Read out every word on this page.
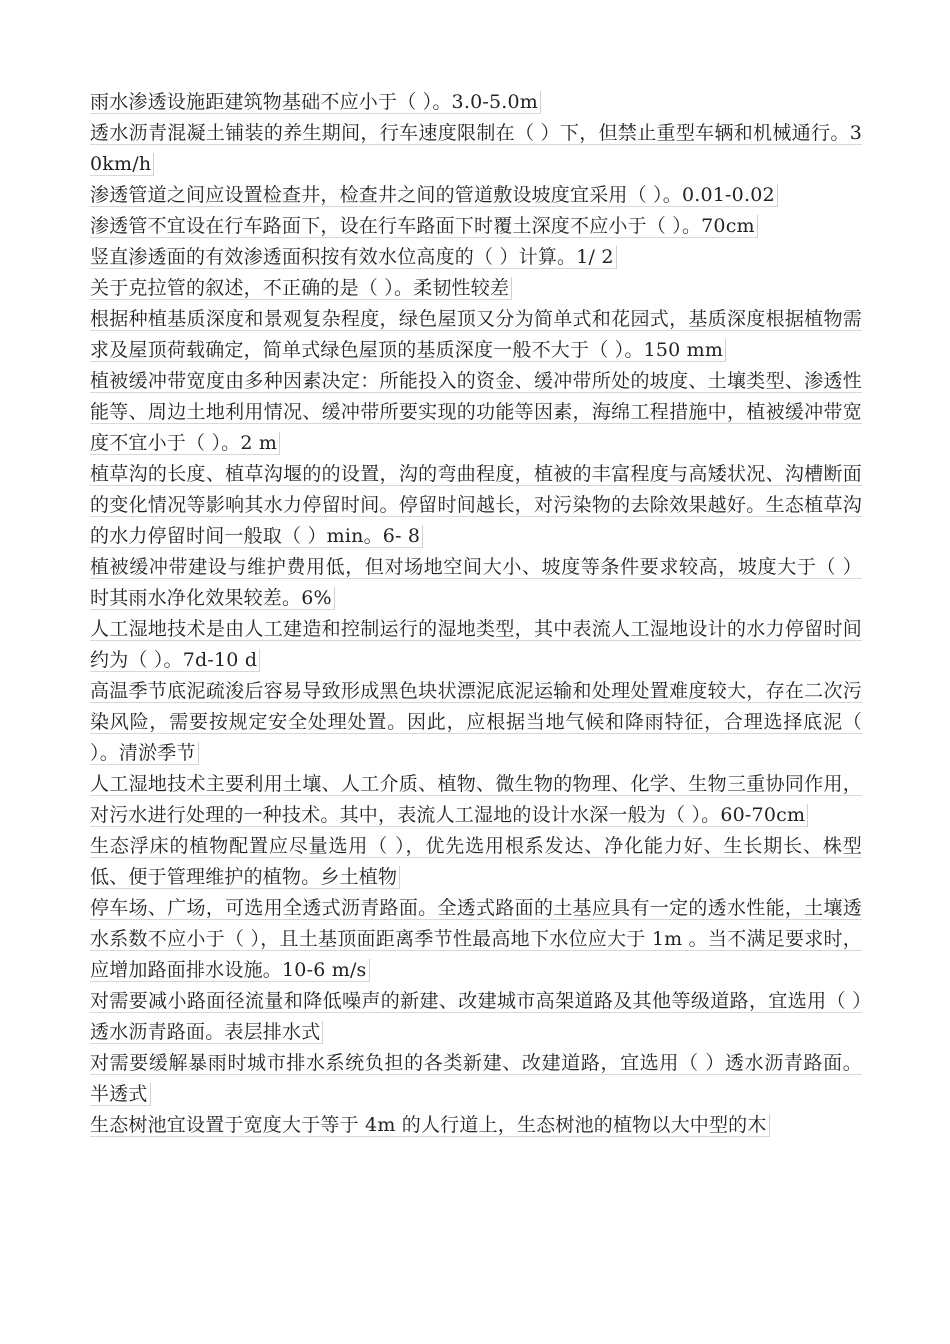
雨水渗透设施距建筑物基础不应小于（ ）。3.0-5.0m

透水沥青混凝土铺装的养生期间，行车速度限制在（ ）下，但禁止重型车辆和机械通行。30km/h

渗透管道之间应设置检查井，检查井之间的管道敷设坡度宜采用（ ）。0.01-0.02

渗透管不宜设在行车路面下，设在行车路面下时覆土深度不应小于（ ）。70cm

竖直渗透面的有效渗透面积按有效水位高度的（ ）计算。1/ 2

关于克拉管的叙述，不正确的是（ ）。柔韧性较差

根据种植基质深度和景观复杂程度，绿色屋顶又分为简单式和花园式，基质深度根据植物需求及屋顶荷载确定，简单式绿色屋顶的基质深度一般不大于（ ）。150 mm

植被缓冲带宽度由多种因素决定：所能投入的资金、缓冲带所处的坡度、土壤类型、渗透性能等、周边土地利用情况、缓冲带所要实现的功能等因素，海绵工程措施中，植被缓冲带宽度不宜小于（ ）。2 m

植草沟的长度、植草沟堰的的设置，沟的弯曲程度，植被的丰富程度与高矮状况、沟槽断面的变化情况等影响其水力停留时间。停留时间越长，对污染物的去除效果越好。生态植草沟的水力停留时间一般取（ ）min。6- 8

植被缓冲带建设与维护费用低，但对场地空间大小、坡度等条件要求较高，坡度大于（ ）时其雨水净化效果较差。6%

人工湿地技术是由人工建造和控制运行的湿地类型，其中表流人工湿地设计的水力停留时间约为（ ）。7d-10 d

高温季节底泥疏浚后容易导致形成黑色块状漂泥底泥运输和处理处置难度较大，存在二次污染风险，需要按规定安全处理处置。因此，应根据当地气候和降雨特征，合理选择底泥（ ）。清淤季节

人工湿地技术主要利用土壤、人工介质、植物、微生物的物理、化学、生物三重协同作用，对污水进行处理的一种技术。其中，表流人工湿地的设计水深一般为（ ）。60-70cm

生态浮床的植物配置应尽量选用（ ），优先选用根系发达、净化能力好、生长期长、株型低、便于管理维护的植物。乡土植物

停车场、广场，可选用全透式沥青路面。全透式路面的土基应具有一定的透水性能，土壤透水系数不应小于（ ），且土基顶面距离季节性最高地下水位应大于 1m 。当不满足要求时，应增加路面排水设施。10-6 m/s

对需要减小路面径流量和降低噪声的新建、改建城市高架道路及其他等级道路，宜选用（ ）透水沥青路面。表层排水式

对需要缓解暴雨时城市排水系统负担的各类新建、改建道路，宜选用（ ）透水沥青路面。半透式

生态树池宜设置于宽度大于等于 4m 的人行道上，生态树池的植物以大中型的木
